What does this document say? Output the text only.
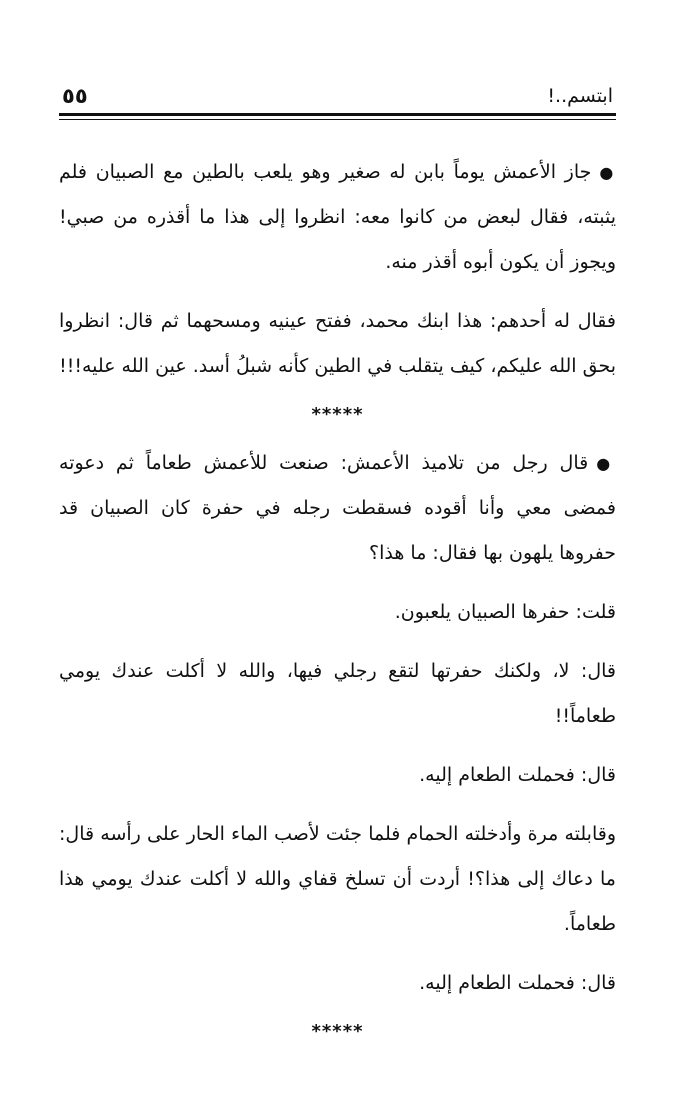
ابتسم..!
٥٥

●جاز الأعمش يوماً بابن له صغير وهو يلعب بالطين مع الصبيان فلم يثبته، فقال لبعض من كانوا معه: انظروا إلى هذا ما أقذره من صبي! ويجوز أن يكون أبوه أقذر منه.

فقال له أحدهم: هذا ابنك محمد، ففتح عينيه ومسحهما ثم قال: انظروا بحق الله عليكم، كيف يتقلب في الطين كأنه شبلُ أسد. عين الله عليه!!!

*****

●قال رجل من تلاميذ الأعمش: صنعت للأعمش طعاماً ثم دعوته فمضى معي وأنا أقوده فسقطت رجله في حفرة كان الصبيان قد حفروها يلهون بها فقال: ما هذا؟

قلت: حفرها الصبيان يلعبون.

قال: لا، ولكنك حفرتها لتقع رجلي فيها، والله لا أكلت عندك يومي طعاماً!!

قال: فحملت الطعام إليه.

وقابلته مرة وأدخلته الحمام فلما جئت لأصب الماء الحار على رأسه قال: ما دعاك إلى هذا؟! أردت أن تسلخ قفاي والله لا أكلت عندك يومي هذا طعاماً.

قال: فحملت الطعام إليه.

*****
